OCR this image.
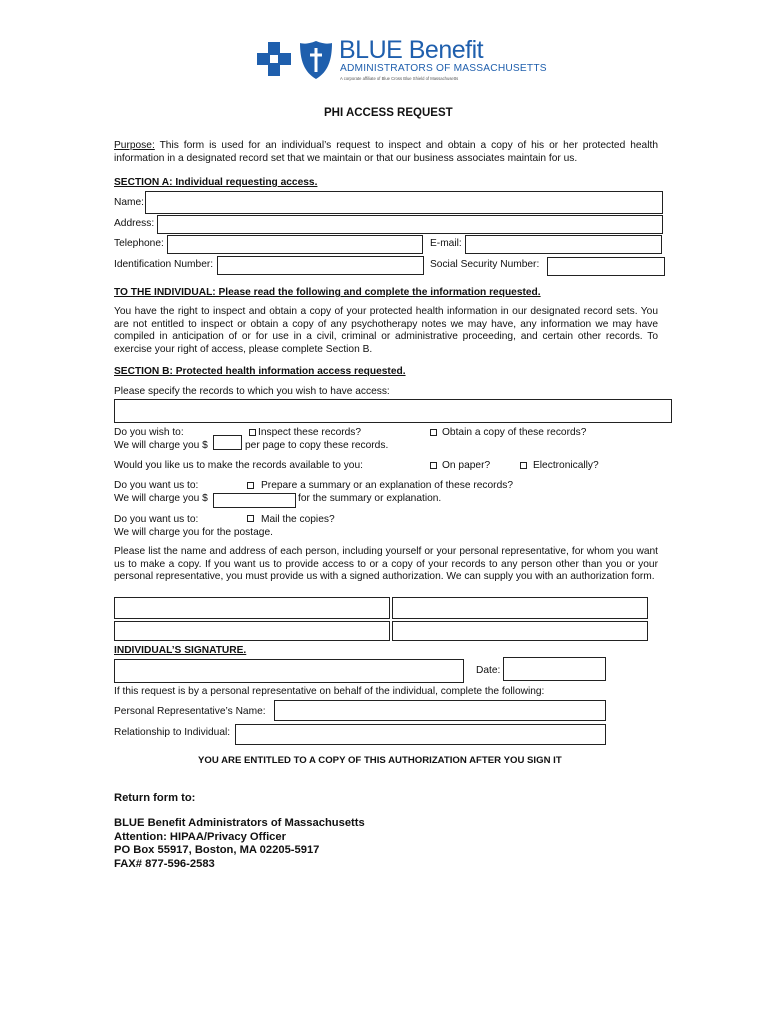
BLUE Benefit
ADMINISTRATORS OF MASSACHUSETTS
A corporate affiliate of Blue Cross Blue Shield of Massachusetts
PHI ACCESS REQUEST
Purpose: This form is used for an individual’s request to inspect and obtain a copy of his or her protected health information in a designated record set that we maintain or that our business associates maintain for us.
SECTION A: Individual requesting access.
Name:
Address:
Telephone:	E-mail:
Identification Number:	Social Security Number:
TO THE INDIVIDUAL: Please read the following and complete the information requested.
You have the right to inspect and obtain a copy of your protected health information in our designated record sets. You are not entitled to inspect or obtain a copy of any psychotherapy notes we may have, any information we may have compiled in anticipation of or for use in a civil, criminal or administrative proceeding, and certain other records. To exercise your right of access, please complete Section B.
SECTION B: Protected health information access requested.
Please specify the records to which you wish to have access:
Do you wish to:	Inspect these records?	Obtain a copy of these records?
We will charge you $	per page to copy these records.
Would you like us to make the records available to you:	On paper?	Electronically?
Do you want us to:	Prepare a summary or an explanation of these records?
We will charge you $	for the summary or explanation.
Do you want us to:	Mail the copies?
We will charge you for the postage.
Please list the name and address of each person, including yourself or your personal representative, for whom you want us to make a copy. If you want us to provide access to or a copy of your records to any person other than you or your personal representative, you must provide us with a signed authorization. We can supply you with an authorization form.
INDIVIDUAL’S SIGNATURE.
Date:
If this request is by a personal representative on behalf of the individual, complete the following:
Personal Representative’s Name:
Relationship to Individual:
YOU ARE ENTITLED TO A COPY OF THIS AUTHORIZATION AFTER YOU SIGN IT
Return form to:
BLUE Benefit Administrators of Massachusetts
Attention: HIPAA/Privacy Officer
PO Box 55917, Boston, MA 02205-5917
FAX# 877-596-2583
